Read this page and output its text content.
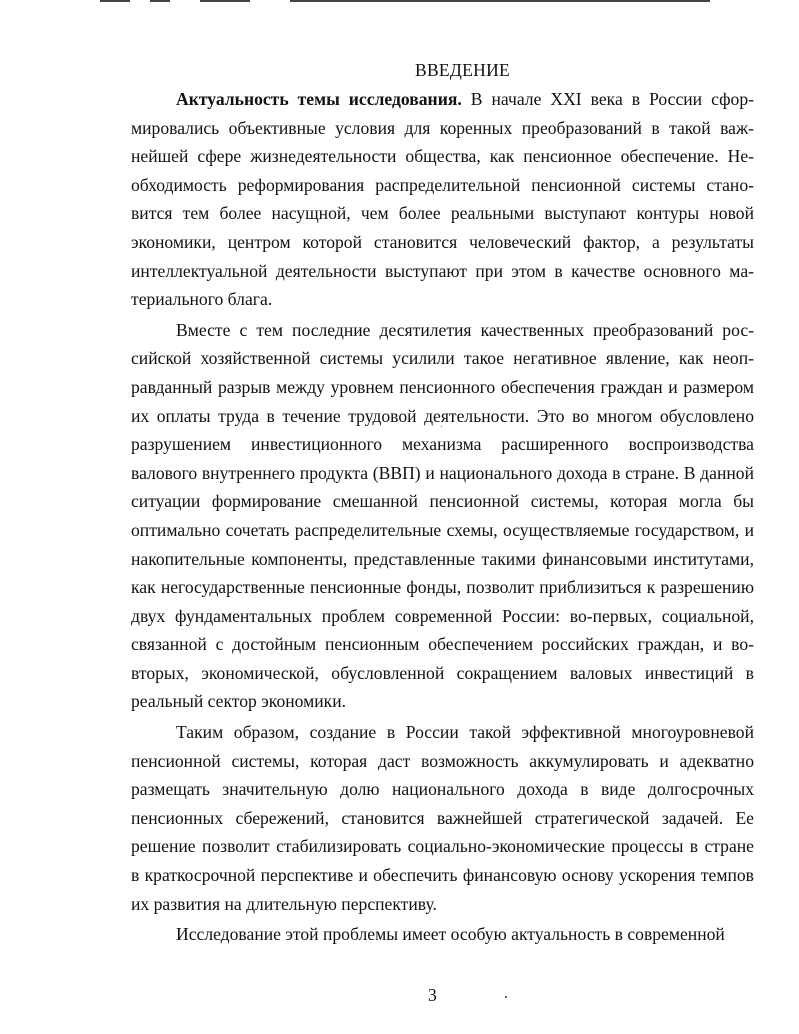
ВВЕДЕНИЕ

Актуальность темы исследования. В начале XXI века в России сформировались объективные условия для коренных преобразований в такой важнейшей сфере жизнедеятельности общества, как пенсионное обеспечение. Необходимость реформирования распределительной пенсионной системы становится тем более насущной, чем более реальными выступают контуры новой экономики, центром которой становится человеческий фактор, а результаты интеллектуальной деятельности выступают при этом в качестве основного материального блага.

Вместе с тем последние десятилетия качественных преобразований российской хозяйственной системы усилили такое негативное явление, как неоправданный разрыв между уровнем пенсионного обеспечения граждан и размером их оплаты труда в течение трудовой деятельности. Это во многом обусловлено разрушением инвестиционного механизма расширенного воспроизводства валового внутреннего продукта (ВВП) и национального дохода в стране. В данной ситуации формирование смешанной пенсионной системы, которая могла бы оптимально сочетать распределительные схемы, осуществляемые государством, и накопительные компоненты, представленные такими финансовыми институтами, как негосударственные пенсионные фонды, позволит приблизиться к разрешению двух фундаментальных проблем современной России: во-первых, социальной, связанной с достойным пенсионным обеспечением российских граждан, и во-вторых, экономической, обусловленной сокращением валовых инвестиций в реальный сектор экономики.

Таким образом, создание в России такой эффективной многоуровневой пенсионной системы, которая даст возможность аккумулировать и адекватно размещать значительную долю национального дохода в виде долгосрочных пенсионных сбережений, становится важнейшей стратегической задачей. Ее решение позволит стабилизировать социально-экономические процессы в стране в краткосрочной перспективе и обеспечить финансовую основу ускорения темпов их развития на длительную перспективу.

Исследование этой проблемы имеет особую актуальность в современной

3
